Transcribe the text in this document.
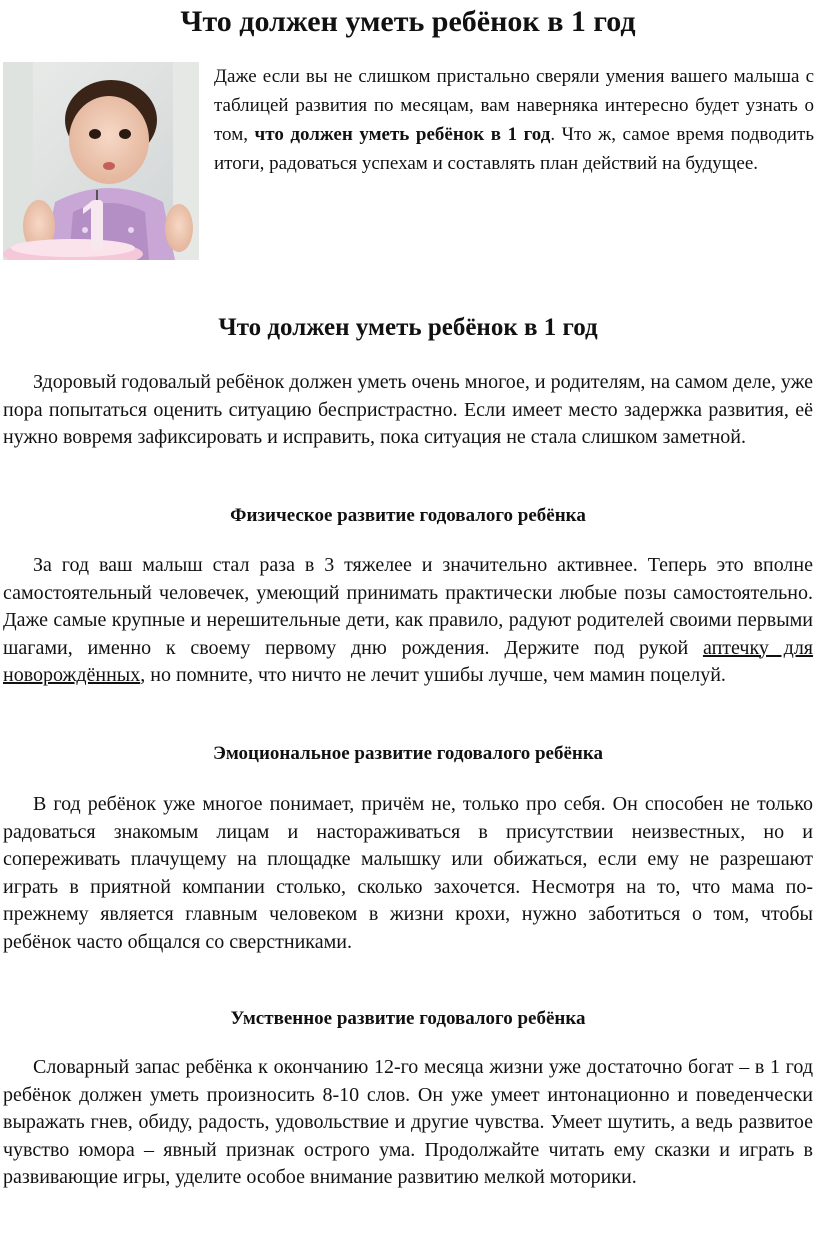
Что должен уметь ребёнок в 1 год

Даже если вы не слишком пристально сверяли умения вашего малыша с таблицей развития по месяцам, вам наверняка интересно будет узнать о том, что должен уметь ребёнок в 1 год. Что ж, самое время подводить итоги, радоваться успехам и составлять план действий на будущее.

Что должен уметь ребёнок в 1 год

Здоровый годовалый ребёнок должен уметь очень многое, и родителям, на самом деле, уже пора попытаться оценить ситуацию беспристрастно. Если имеет место задержка развития, её нужно вовремя зафиксировать и исправить, пока ситуация не стала слишком заметной.

Физическое развитие годовалого ребёнка

За год ваш малыш стал раза в 3 тяжелее и значительно активнее. Теперь это вполне самостоятельный человечек, умеющий принимать практически любые позы самостоятельно. Даже самые крупные и нерешительные дети, как правило, радуют родителей своими первыми шагами, именно к своему первому дню рождения. Держите под рукой аптечку для новорождённых, но помните, что ничто не лечит ушибы лучше, чем мамин поцелуй.

Эмоциональное развитие годовалого ребёнка

В год ребёнок уже многое понимает, причём не, только про себя. Он способен не только радоваться знакомым лицам и настораживаться в присутствии неизвестных, но и сопереживать плачущему на площадке малышку или обижаться, если ему не разрешают играть в приятной компании столько, сколько захочется. Несмотря на то, что мама по-прежнему является главным человеком в жизни крохи, нужно заботиться о том, чтобы ребёнок часто общался со сверстниками.

Умственное развитие годовалого ребёнка

Словарный запас ребёнка к окончанию 12-го месяца жизни уже достаточно богат – в 1 год ребёнок должен уметь произносить 8-10 слов. Он уже умеет интонационно и поведенчески выражать гнев, обиду, радость, удовольствие и другие чувства. Умеет шутить, а ведь развитое чувство юмора – явный признак острого ума. Продолжайте читать ему сказки и играть в развивающие игры, уделите особое внимание развитию мелкой моторики.
